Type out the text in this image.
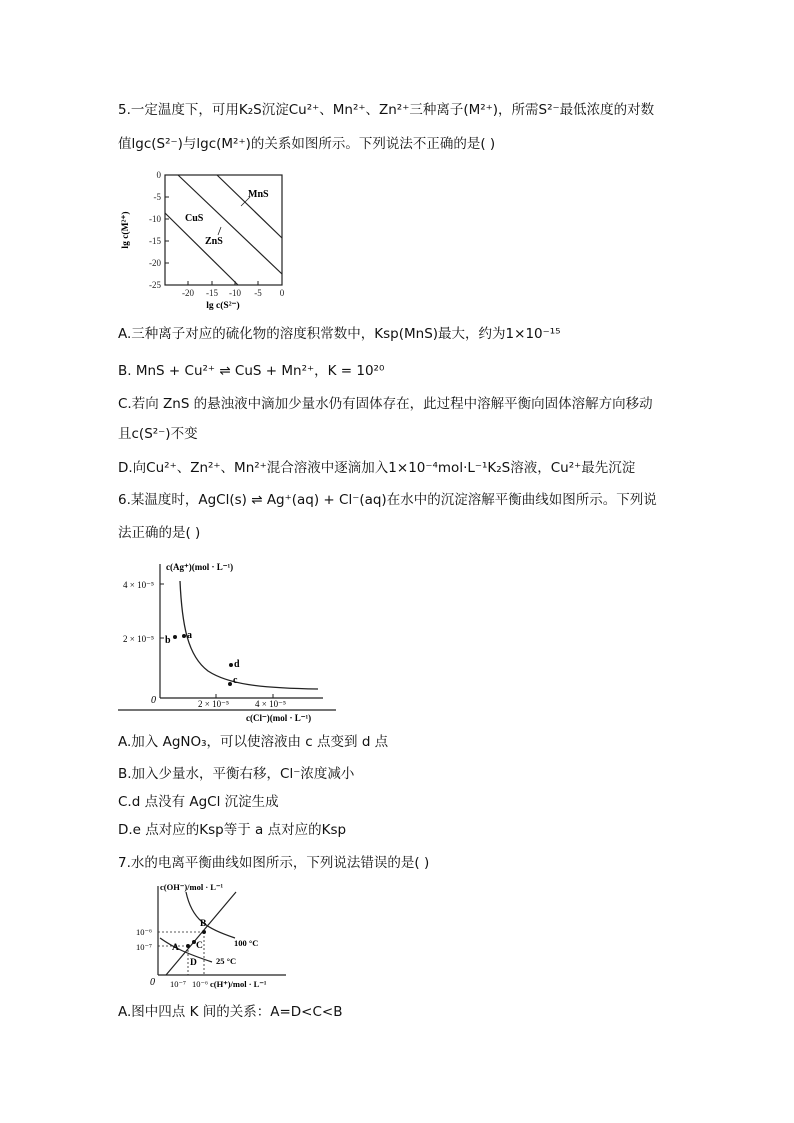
5.一定温度下，可用K₂S沉淀Cu²⁺、Mn²⁺、Zn²⁺三种离子(M²⁺)，所需S²⁻最低浓度的对数
值lgc(S²⁻)与lgc(M²⁺)的关系如图所示。下列说法不正确的是( )
0
-5
-10
-15
-20
-25
-20 -15 -10 -5 0
lg c(M²⁺)
lg c(S²⁻)
MnS
CuS
ZnS
A.三种离子对应的硫化物的溶度积常数中，Ksp(MnS)最大，约为1×10⁻¹⁵
B. MnS + Cu²⁺ ⇌ CuS + Mn²⁺，K = 10²⁰
C.若向 ZnS 的悬浊液中滴加少量水仍有固体存在，此过程中溶解平衡向固体溶解方向移动
且c(S²⁻)不变
D.向Cu²⁺、Zn²⁺、Mn²⁺混合溶液中逐滴加入1×10⁻⁴mol·L⁻¹K₂S溶液，Cu²⁺最先沉淀
6.某温度时，AgCl(s) ⇌ Ag⁺(aq) + Cl⁻(aq)在水中的沉淀溶解平衡曲线如图所示。下列说
法正确的是( )
c(Ag⁺)(mol · L⁻¹)
4 × 10⁻⁵
2 × 10⁻⁵
0	2 × 10⁻⁵	4 × 10⁻⁵
c(Cl⁻)(mol · L⁻¹)
b a
d
c
A.加入 AgNO₃，可以使溶液由 c 点变到 d 点
B.加入少量水，平衡右移，Cl⁻浓度减小
C.d 点没有 AgCl 沉淀生成
D.e 点对应的Ksp等于 a 点对应的Ksp
7.水的电离平衡曲线如图所示，下列说法错误的是( )
c(OH⁻)/mol · L⁻¹
c(H⁺)/mol · L⁻¹
0
10⁻⁶
10⁻⁷
10⁻⁷ 10⁻⁶
B
A C
D
100 °C
25 °C
A.图中四点 K 间的关系：A=D<C<B
